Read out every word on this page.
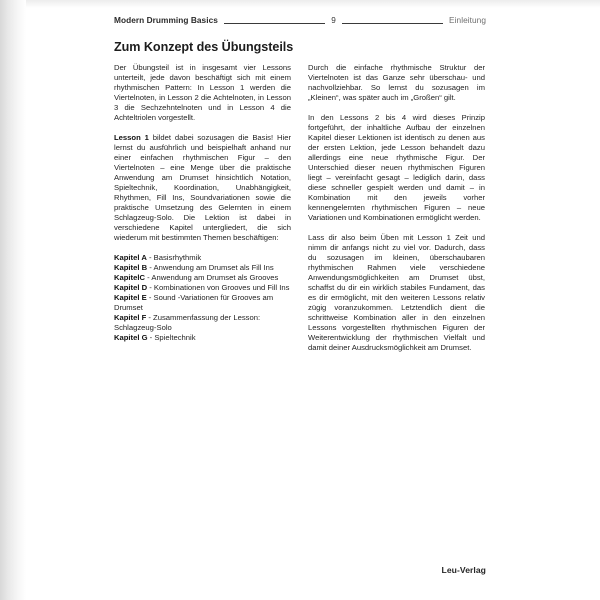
Modern Drumming Basics	9	Einleitung
Zum Konzept des Übungsteils

Der Übungsteil ist in insgesamt vier Lessons unterteilt, jede davon beschäftigt sich mit einem rhythmischen Pattern: In Lesson 1 werden die Viertelnoten, in Lesson 2 die Achtelnoten, in Lesson 3 die Sechzehntelnoten und in Lesson 4 die Achteltriolen vorgestellt.

Lesson 1 bildet dabei sozusagen die Basis! Hier lernst du ausführlich und beispielhaft anhand nur einer einfachen rhythmischen Figur – den Viertelnoten – eine Menge über die praktische Anwendung am Drumset hinsichtlich Notation, Spieltechnik, Koordination, Unabhängigkeit, Rhythmen, Fill Ins, Soundvariationen sowie die praktische Umsetzung des Gelernten in einem Schlagzeug-Solo. Die Lektion ist dabei in verschiedene Kapitel untergliedert, die sich wiederum mit bestimmten Themen beschäftigen:

Kapitel A - Basisrhythmik

Kapitel B - Anwendung am Drumset als Fill Ins

KapitelC - Anwendung am Drumset als Grooves

Kapitel D - Kombinationen von Grooves und Fill Ins

Kapitel E - Sound -Variationen für Grooves am Drumset

Kapitel F - Zusammenfassung der Lesson: Schlagzeug-Solo

Kapitel G - Spieltechnik

Durch die einfache rhythmische Struktur der Viertelnoten ist das Ganze sehr überschau- und nachvollziehbar. So lernst du sozusagen im „Kleinen“, was später auch im „Großen“ gilt.

In den Lessons 2 bis 4 wird dieses Prinzip fortgeführt, der inhaltliche Aufbau der einzelnen Kapitel dieser Lektionen ist identisch zu denen aus der ersten Lektion, jede Lesson behandelt dazu allerdings eine neue rhythmische Figur. Der Unterschied dieser neuen rhythmischen Figuren liegt – vereinfacht gesagt – lediglich darin, dass diese schneller gespielt werden und damit – in Kombination mit den jeweils vorher kennengelernten rhythmischen Figuren – neue Variationen und Kombinationen ermöglicht werden.

Lass dir also beim Üben mit Lesson 1 Zeit und nimm dir anfangs nicht zu viel vor. Dadurch, dass du sozusagen im kleinen, überschaubaren rhythmischen Rahmen viele verschiedene Anwendungsmöglichkeiten am Drumset übst, schaffst du dir ein wirklich stabiles Fundament, das es dir ermöglicht, mit den weiteren Lessons relativ zügig voranzukommen. Letztendlich dient die schrittweise Kombination aller in den einzelnen Lessons vorgestellten rhythmischen Figuren der Weiterentwicklung der rhythmischen Vielfalt und damit deiner Ausdrucksmöglichkeit am Drumset.

Leu-Verlag
